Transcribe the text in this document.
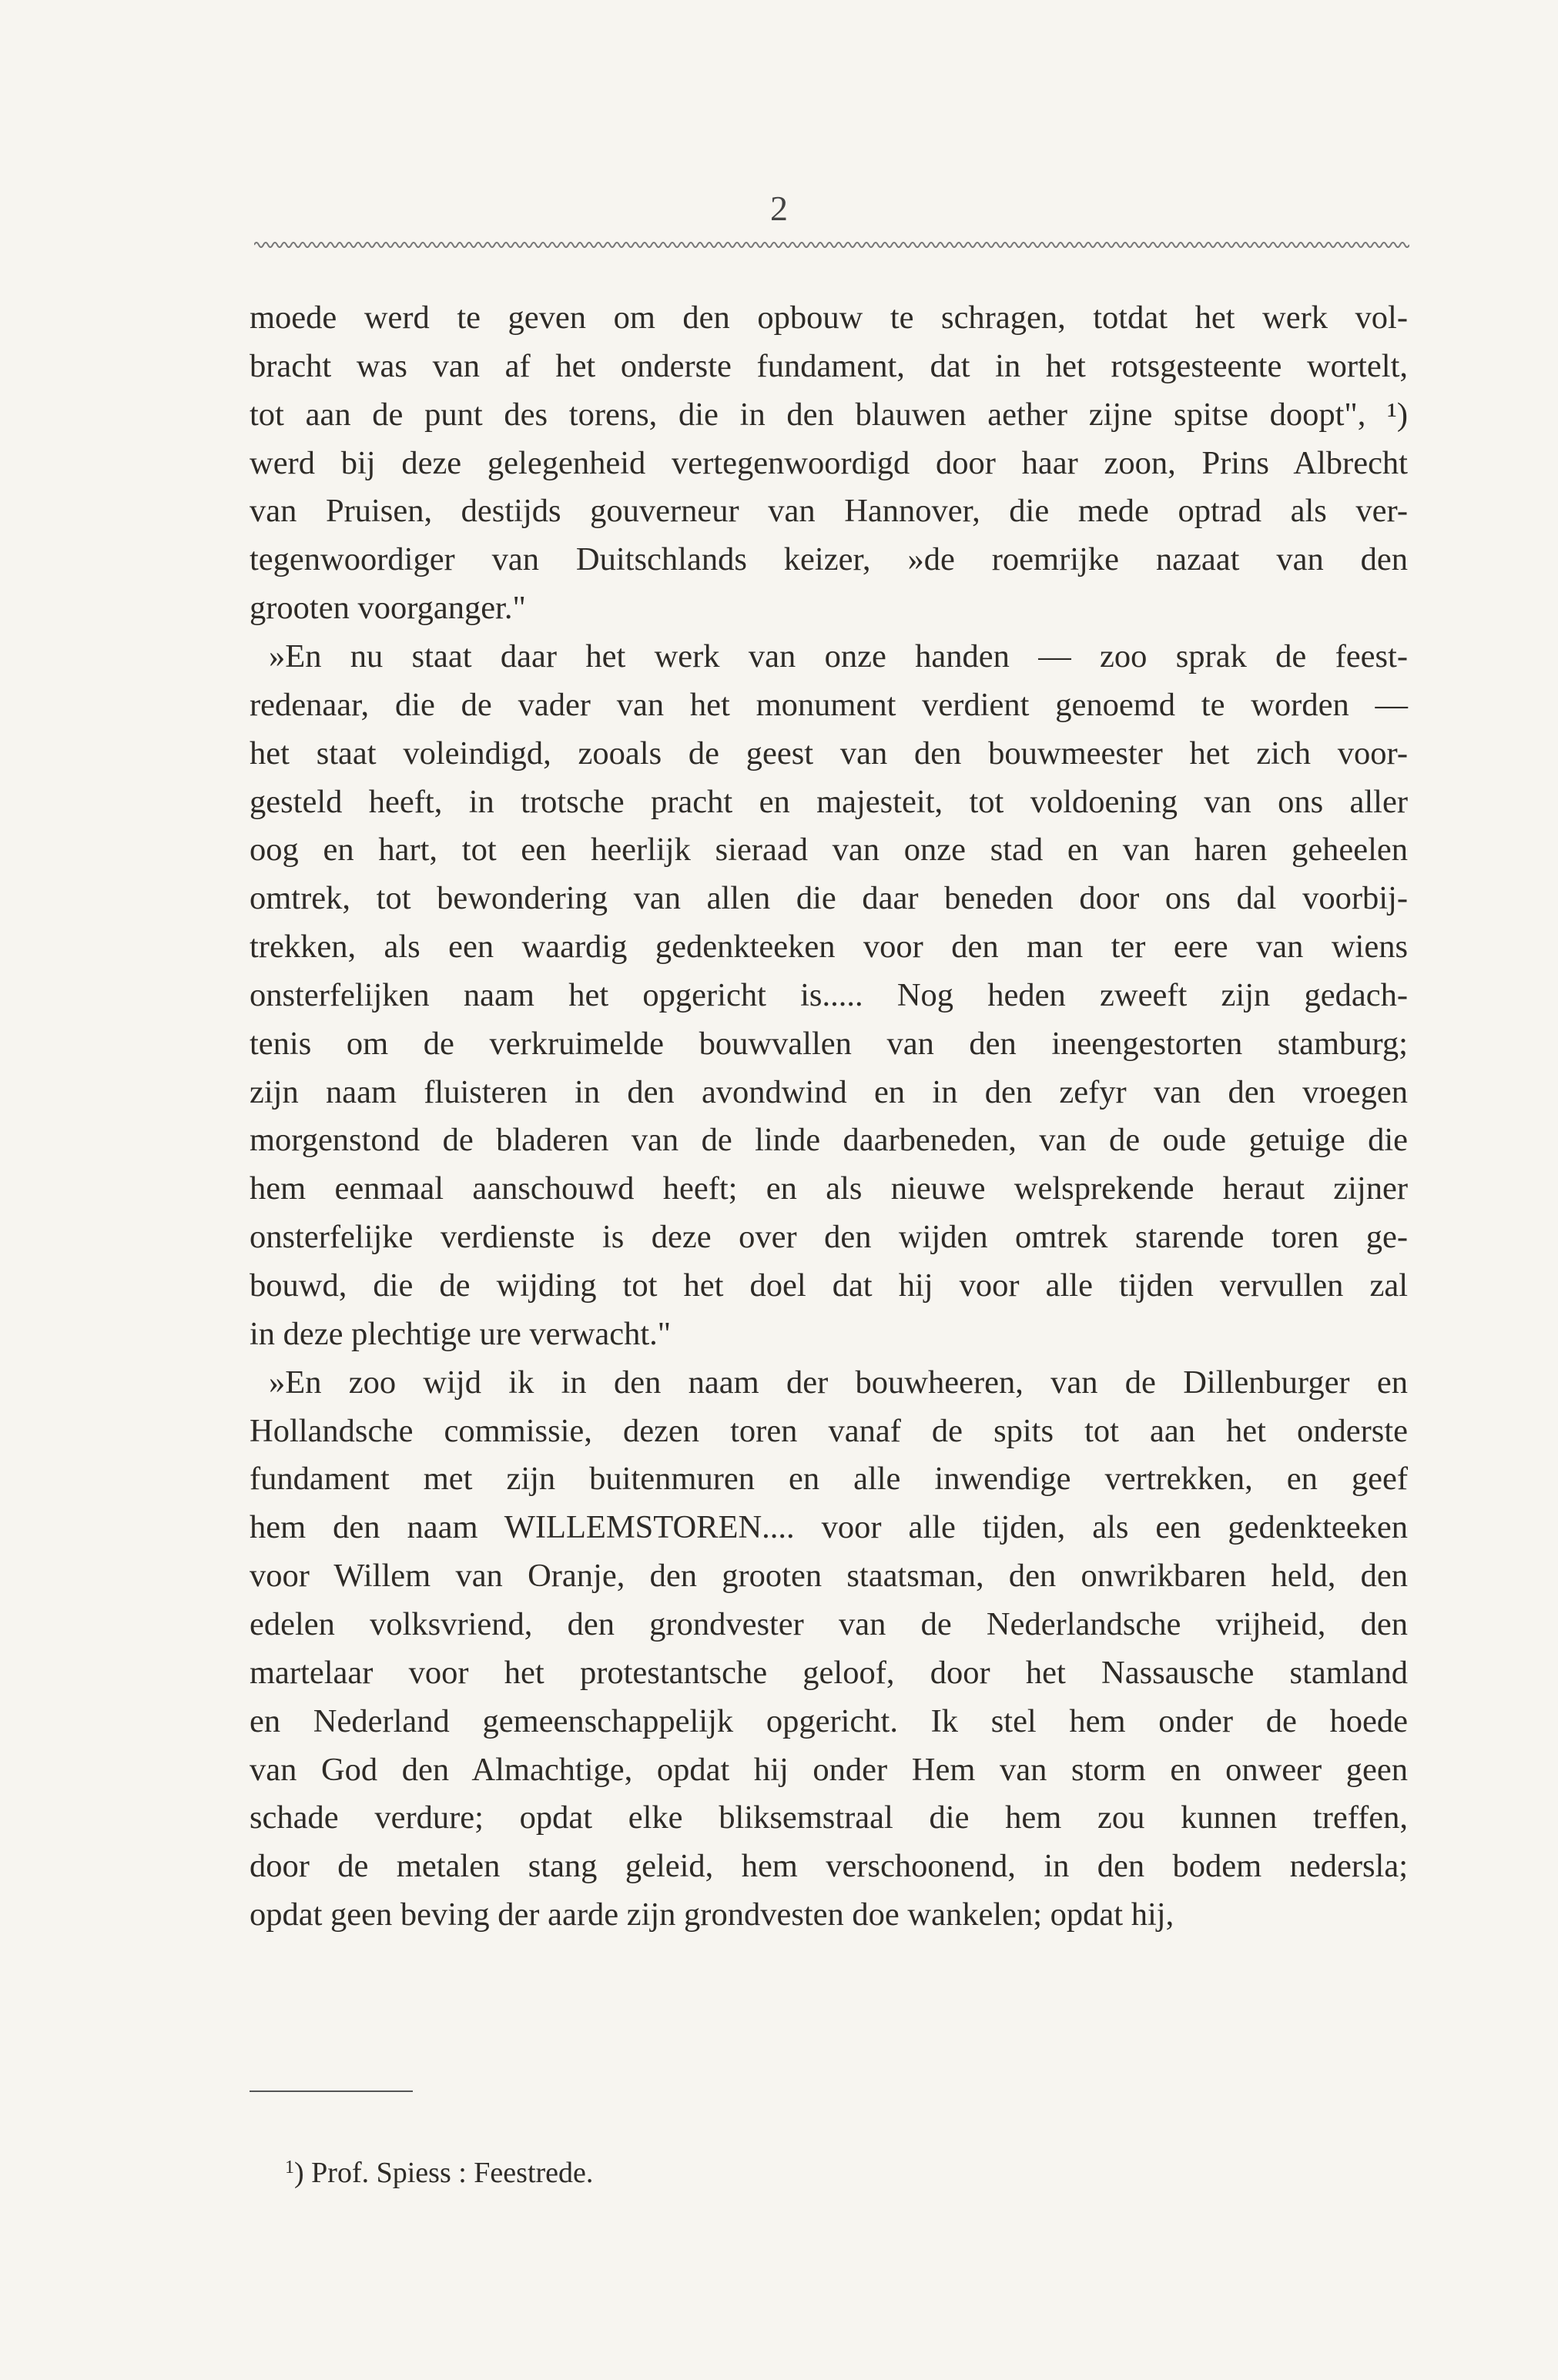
2
moede werd te geven om den opbouw te schragen, totdat het werk vol-
bracht was van af het onderste fundament, dat in het rotsgesteente wortelt,
tot aan de punt des torens, die in den blauwen aether zijne spitse doopt", ¹)
werd bij deze gelegenheid vertegenwoordigd door haar zoon, Prins Albrecht
van Pruisen, destijds gouverneur van Hannover, die mede optrad als ver-
tegenwoordiger van Duitschlands keizer, »de roemrijke nazaat van den
grooten voorganger."
»En nu staat daar het werk van onze handen — zoo sprak de feest-
redenaar, die de vader van het monument verdient genoemd te worden —
het staat voleindigd, zooals de geest van den bouwmeester het zich voor-
gesteld heeft, in trotsche pracht en majesteit, tot voldoening van ons aller
oog en hart, tot een heerlijk sieraad van onze stad en van haren geheelen
omtrek, tot bewondering van allen die daar beneden door ons dal voorbij-
trekken, als een waardig gedenkteeken voor den man ter eere van wiens
onsterfelijken naam het opgericht is..... Nog heden zweeft zijn gedach-
tenis om de verkruimelde bouwvallen van den ineengestorten stamburg;
zijn naam fluisteren in den avondwind en in den zefyr van den vroegen
morgenstond de bladeren van de linde daarbeneden, van de oude getuige die
hem eenmaal aanschouwd heeft; en als nieuwe welsprekende heraut zijner
onsterfelijke verdienste is deze over den wijden omtrek starende toren ge-
bouwd, die de wijding tot het doel dat hij voor alle tijden vervullen zal
in deze plechtige ure verwacht."
»En zoo wijd ik in den naam der bouwheeren, van de Dillenburger en
Hollandsche commissie, dezen toren vanaf de spits tot aan het onderste
fundament met zijn buitenmuren en alle inwendige vertrekken, en geef
hem den naam WILLEMSTOREN.... voor alle tijden, als een gedenkteeken
voor Willem van Oranje, den grooten staatsman, den onwrikbaren held, den
edelen volksvriend, den grondvester van de Nederlandsche vrijheid, den
martelaar voor het protestantsche geloof, door het Nassausche stamland
en Nederland gemeenschappelijk opgericht. Ik stel hem onder de hoede
van God den Almachtige, opdat hij onder Hem van storm en onweer geen
schade verdure; opdat elke bliksemstraal die hem zou kunnen treffen,
door de metalen stang geleid, hem verschoonend, in den bodem nedersla;
opdat geen beving der aarde zijn grondvesten doe wankelen; opdat hij,
$^1$) Prof. Spiess : Feestrede.
